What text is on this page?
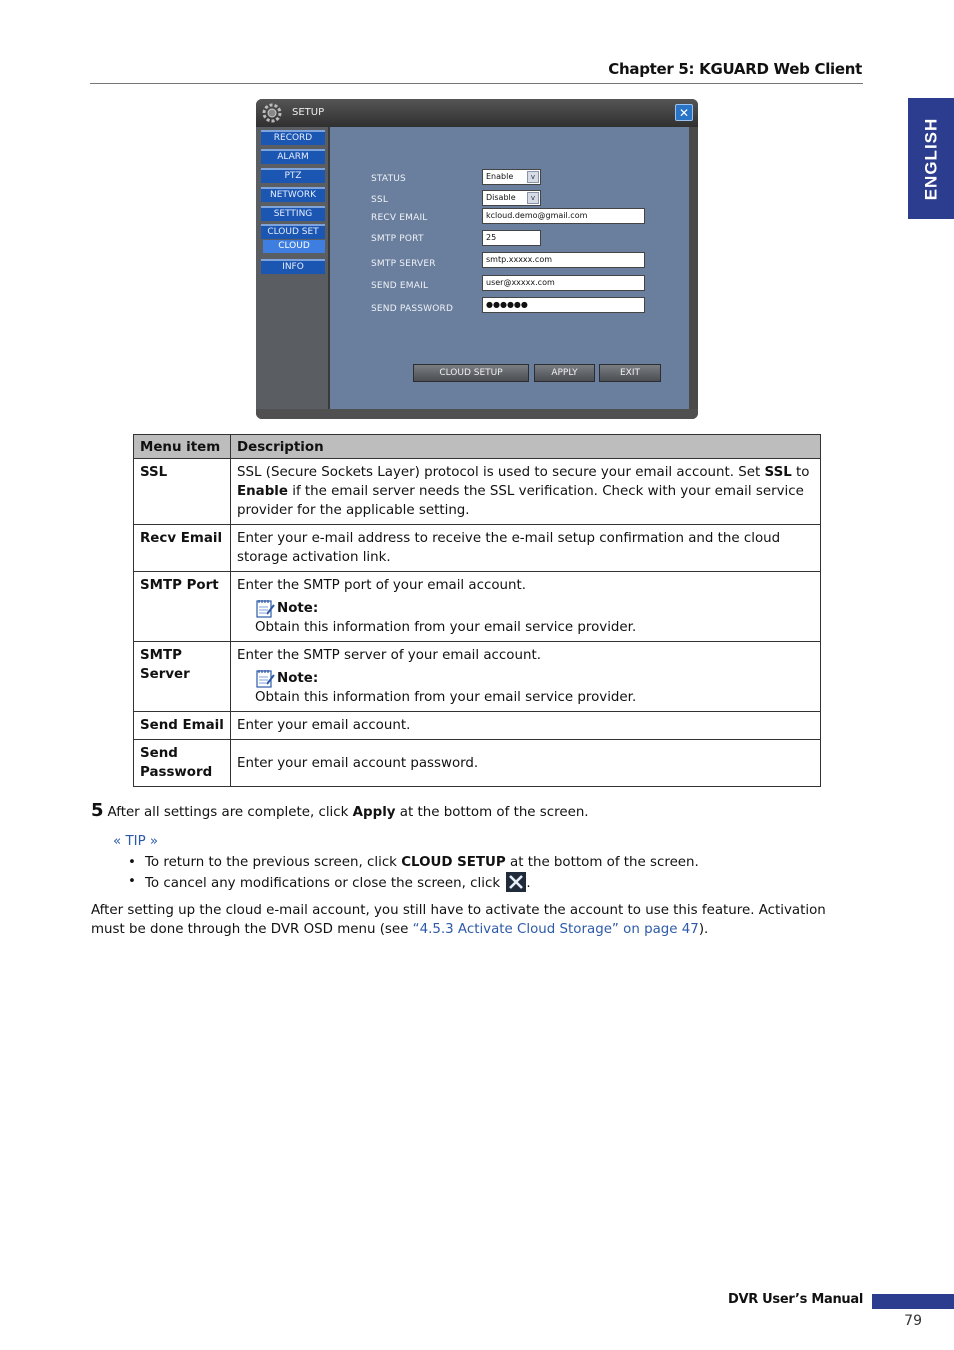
Chapter 5: KGUARD Web Client
ENGLISH
SETUP	✕
RECORD
ALARM
PTZ
NETWORK
SETTING
CLOUD SET
CLOUD
INFO
STATUS	Enable	v
SSL	Disable	v
RECV EMAIL	kcloud.demo@gmail.com
SMTP PORT	25
SMTP SERVER	smtp.xxxxx.com
SEND EMAIL	user@xxxxx.com
SEND PASSWORD	●●●●●●
CLOUD SETUP	APPLY	EXIT
Menu item	Description
SSL	SSL (Secure Sockets Layer) protocol is used to secure your email account. Set SSL to Enable if the email server needs the SSL verification. Check with your email service provider for the applicable setting.
Recv Email	Enter your e-mail address to receive the e-mail setup confirmation and the cloud storage activation link.
SMTP Port	Enter the SMTP port of your email account.
Note:
Obtain this information from your email service provider.

SMTP Server	Enter the SMTP server of your email account.
Note:
Obtain this information from your email service provider.

Send Email	Enter your email account.
Send Password	Enter your email account password.
5 After all settings are complete, click Apply at the bottom of the screen.
« TIP »
• To return to the previous screen, click CLOUD SETUP at the bottom of the screen.
• To cancel any modifications or close the screen, click .
After setting up the cloud e-mail account, you still have to activate the account to use this feature. Activation must be done through the DVR OSD menu (see “4.5.3 Activate Cloud Storage” on page 47).
DVR User’s Manual
79
